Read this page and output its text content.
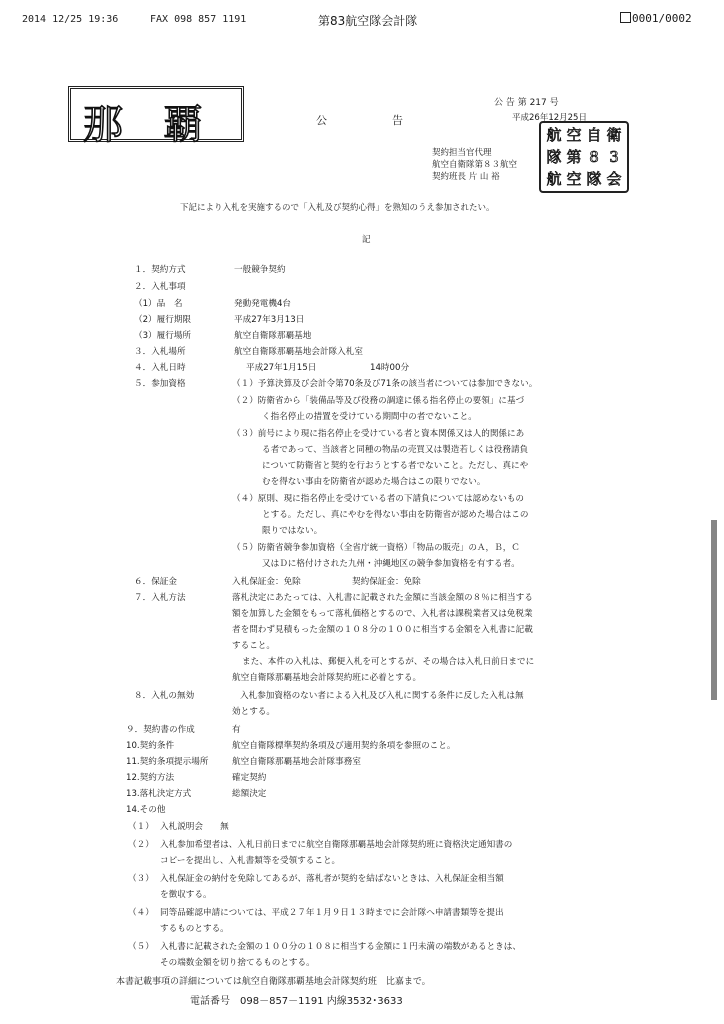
2014 12/25 19:36	FAX 098 857 1191	第83航空隊会計隊	0001/0002
那 覇	公	告
公 告 第 217 号
平成26年12月25日
契約担当官代理
航空自衛隊第８３航空
契約班長 片 山 裕
航 空 自 衛
隊 第 8 3
航 空 隊 会
下記により入札を実施するので「入札及び契約心得」を熟知のうえ参加されたい。
記
１．契約方式	一般競争契約
２．入札事項
（1）品　名	発動発電機4台
（2）履行期限	平成27年3月13日
（3）履行場所	航空自衛隊那覇基地
３．入札場所	航空自衛隊那覇基地会計隊入札室
４．入札日時	平成27年1月15日	14時00分
５．参加資格	（１）予算決算及び会計令第70条及び71条の該当者については参加できない。
（２）防衛省から「装備品等及び役務の調達に係る指名停止の要領」に基づ
く指名停止の措置を受けている期間中の者でないこと。
（３）前号により現に指名停止を受けている者と資本関係又は人的関係にあ
る者であって、当該者と同種の物品の売買又は製造若しくは役務請負
について防衛省と契約を行おうとする者でないこと。ただし、真にや
むを得ない事由を防衛省が認めた場合はこの限りでない。
（４）原則、現に指名停止を受けている者の下請負については認めないもの
とする。ただし、真にやむを得ない事由を防衛省が認めた場合はこの
限りではない。
（５）防衛省競争参加資格（全省庁統一資格）「物品の販売」のＡ，Ｂ，Ｃ
又はＤに格付けされた九州・沖縄地区の競争参加資格を有する者。
６．保証金	入札保証金：免除	契約保証金：免除
７．入札方法	落札決定にあたっては、入札書に記載された金額に当該金額の８％に相当する
額を加算した金額をもって落札価格とするので、入札者は課税業者又は免税業
者を問わず見積もった金額の１０８分の１００に相当する金額を入札書に記載
すること。
また、本件の入札は、郵便入札を可とするが、その場合は入札日前日までに
航空自衛隊那覇基地会計隊契約班に必着とする。
８．入札の無効	入札参加資格のない者による入札及び入札に関する条件に反した入札は無
効とする。
９．契約書の作成	有
10.契約条件	航空自衛隊標準契約条項及び適用契約条項を参照のこと。
11.契約条項提示場所	航空自衛隊那覇基地会計隊事務室
12.契約方法	確定契約
13.落札決定方式	総額決定
14.その他
（１） 入札説明会　　無
（２） 入札参加希望者は、入札日前日までに航空自衛隊那覇基地会計隊契約班に資格決定通知書の
コピーを提出し、入札書類等を受領すること。
（３） 入札保証金の納付を免除してあるが、落札者が契約を結ばないときは、入札保証金相当額
を徴収する。
（４） 同等品確認申請については、平成２７年１月９日１３時までに会計隊へ申請書類等を提出
するものとする。
（５） 入札書に記載された金額の１００分の１０８に相当する金額に１円未満の端数があるときは、
その端数金額を切り捨てるものとする。
本書記載事項の詳細については航空自衛隊那覇基地会計隊契約班　比嘉まで。
電話番号　098－857－1191 内線3532･3633
